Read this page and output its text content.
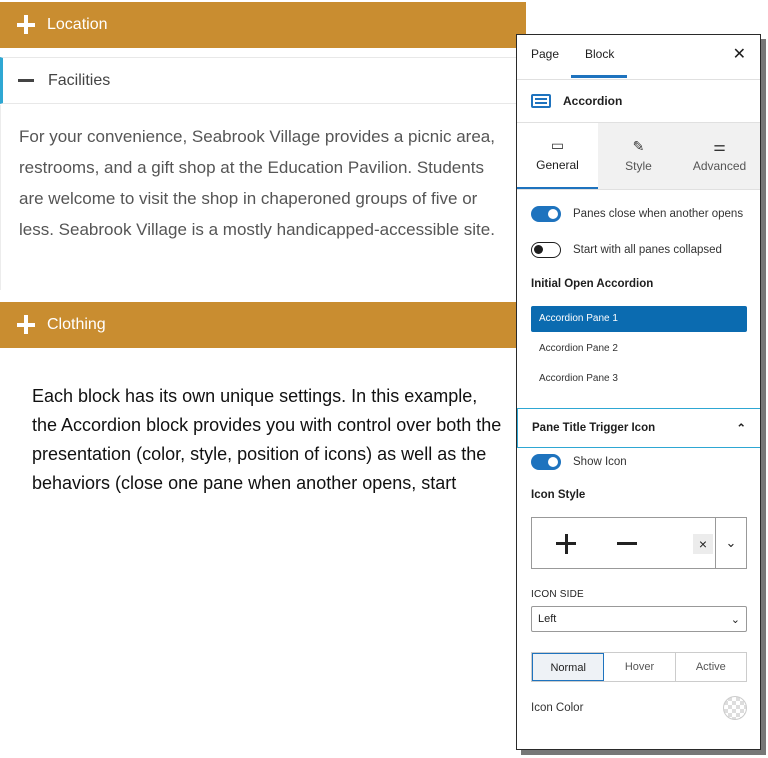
Location
Facilities
For your convenience, Seabrook Village provides a picnic area, restrooms, and a gift shop at the Education Pavilion. Students are welcome to visit the shop in chaperoned groups of five or less. Seabrook Village is a mostly handicapped-accessible site.
Clothing
Each block has its own unique settings. In this example, the Accordion block provides you with control over both the presentation (color, style, position of icons) as well as the behaviors (close one pane when another opens, start
Page Block	✕
Accordion
▭
General
✎
Style
⚌
Advanced
Panes close when another opens
Start with all panes collapsed
Initial Open Accordion
Accordion Pane 1
Accordion Pane 2
Accordion Pane 3
Pane Title Trigger Icon	⌃
Show Icon
Icon Style
×	⌄
ICON SIDE
Left	⌄
Normal	Hover	Active
Icon Color
